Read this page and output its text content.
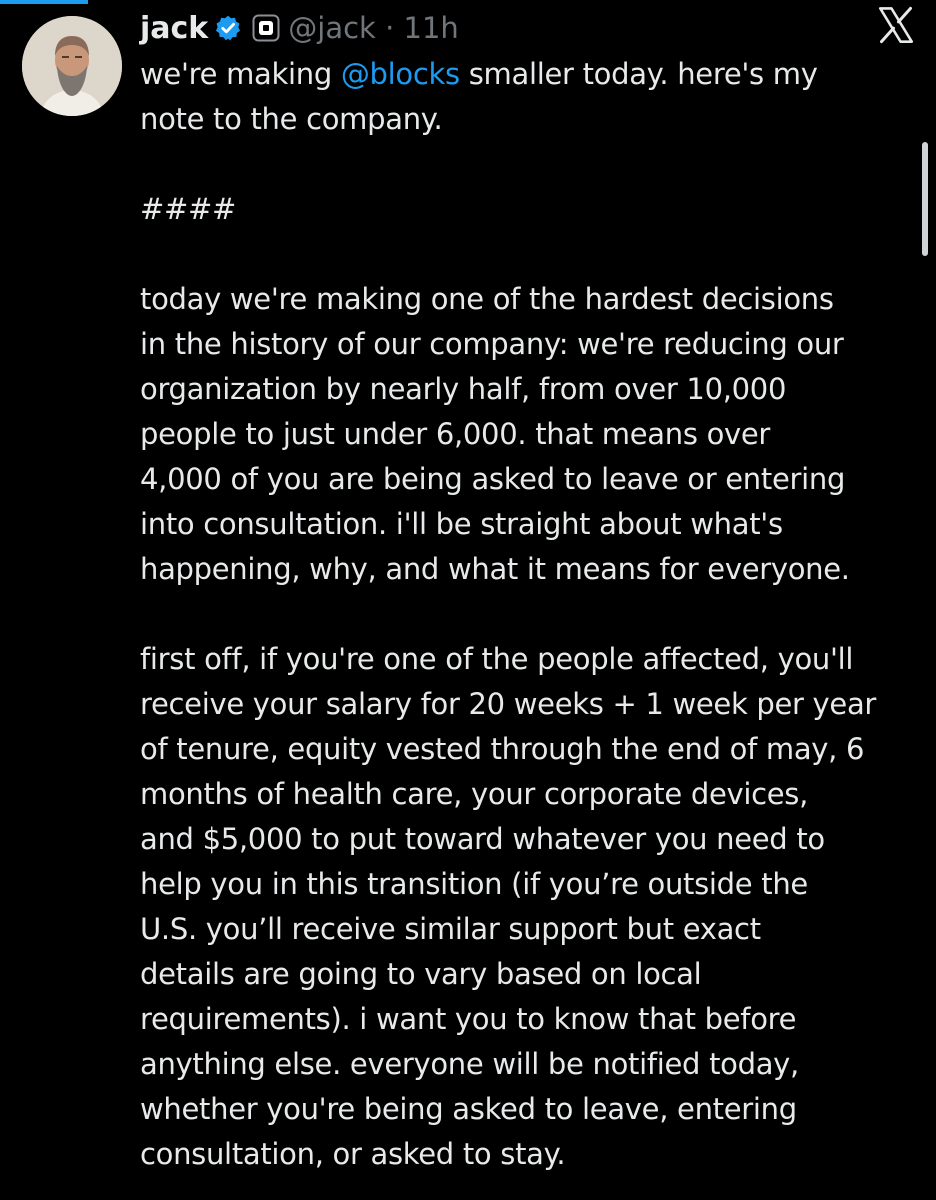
jack	@jack · 11h
we're making @blocks smaller today. here's my
note to the company.
####
today we're making one of the hardest decisions
in the history of our company: we're reducing our
organization by nearly half, from over 10,000
people to just under 6,000. that means over
4,000 of you are being asked to leave or entering
into consultation. i'll be straight about what's
happening, why, and what it means for everyone.
first off, if you're one of the people affected, you'll
receive your salary for 20 weeks + 1 week per year
of tenure, equity vested through the end of may, 6
months of health care, your corporate devices,
and $5,000 to put toward whatever you need to
help you in this transition (if you’re outside the
U.S. you’ll receive similar support but exact
details are going to vary based on local
requirements). i want you to know that before
anything else. everyone will be notified today,
whether you're being asked to leave, entering
consultation, or asked to stay.
